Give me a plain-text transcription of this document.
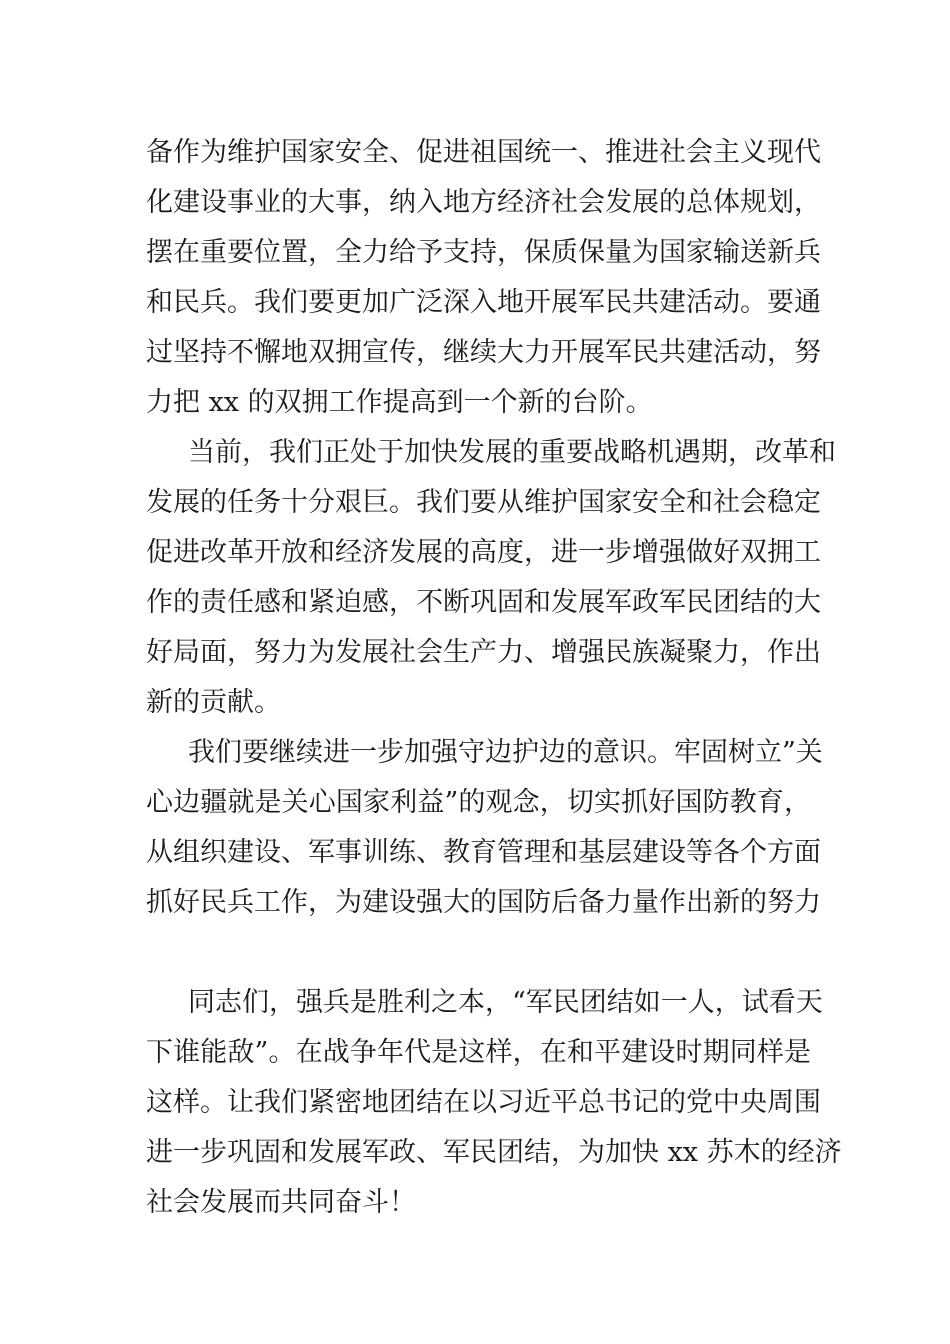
备作为维护国家安全、促进祖国统一、推进社会主义现代
化建设事业的大事，纳入地方经济社会发展的总体规划，
摆在重要位置，全力给予支持，保质保量为国家输送新兵
和民兵。我们要更加广泛深入地开展军民共建活动。要通
过坚持不懈地双拥宣传，继续大力开展军民共建活动，努
力把 xx 的双拥工作提高到一个新的台阶。
当前，我们正处于加快发展的重要战略机遇期，改革和
发展的任务十分艰巨。我们要从维护国家安全和社会稳定
促进改革开放和经济发展的高度，进一步增强做好双拥工
作的责任感和紧迫感，不断巩固和发展军政军民团结的大
好局面，努力为发展社会生产力、增强民族凝聚力，作出
新的贡献。
我们要继续进一步加强守边护边的意识。牢固树立”关
心边疆就是关心国家利益”的观念，切实抓好国防教育，
从组织建设、军事训练、教育管理和基层建设等各个方面
抓好民兵工作，为建设强大的国防后备力量作出新的努力
同志们，强兵是胜利之本，“军民团结如一人，试看天
下谁能敌”。在战争年代是这样，在和平建设时期同样是
这样。让我们紧密地团结在以习近平总书记的党中央周围
进一步巩固和发展军政、军民团结，为加快 xx 苏木的经济
社会发展而共同奋斗！
